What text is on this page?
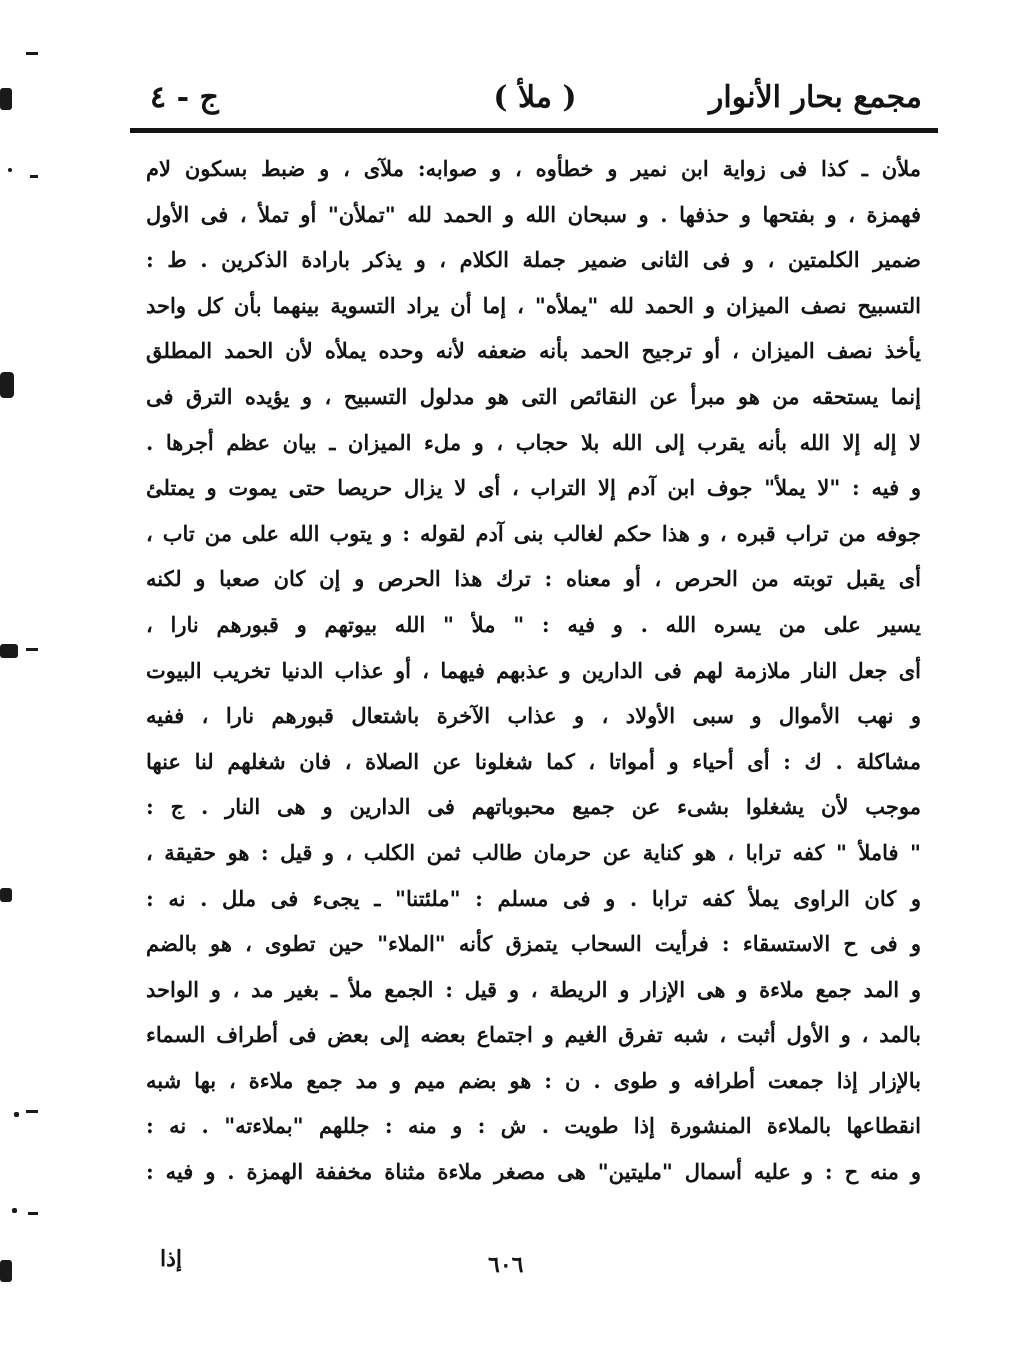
مجمع بحار الأنوار
( ملأ )
ج - ٤
ملأن ـ كذا فى زواية ابن نمير و خطأوه ، و صوابه: ملآى ، و ضبط بسكون لام
فهمزة ، و بفتحها و حذفها . و سبحان الله و الحمد لله "تملأن" أو تملأ ، فى الأول
ضمير الكلمتين ، و فى الثانى ضمير جملة الكلام ، و يذكر بارادة الذكرين . ط :
التسبيح نصف الميزان و الحمد لله "يملأه" ، إما أن يراد التسوية بينهما بأن كل واحد
يأخذ نصف الميزان ، أو ترجيح الحمد بأنه ضعفه لأنه وحده يملأه لأن الحمد المطلق
إنما يستحقه من هو مبرأ عن النقائص التى هو مدلول التسبيح ، و يؤيده الترق فى
لا إله إلا الله بأنه يقرب إلى الله بلا حجاب ، و ملء الميزان ـ بيان عظم أجرها .
و فيه : "لا يملأ" جوف ابن آدم إلا التراب ، أى لا يزال حريصا حتى يموت و يمتلئ
جوفه من تراب قبره ، و هذا حكم لغالب بنى آدم لقوله : و يتوب الله على من تاب ،
أى يقبل توبته من الحرص ، أو معناه : ترك هذا الحرص و إن كان صعبا و لكنه
يسير على من يسره الله . و فيه : " ملأ " الله بيوتهم و قبورهم نارا ،
أى جعل النار ملازمة لهم فى الدارين و عذبهم فيهما ، أو عذاب الدنيا تخريب البيوت
و نهب الأموال و سبى الأولاد ، و عذاب الآخرة باشتعال قبورهم نارا ، ففيه
مشاكلة . ك : أى أحياء و أمواتا ، كما شغلونا عن الصلاة ، فان شغلهم لنا عنها
موجب لأن يشغلوا بشىء عن جميع محبوباتهم فى الدارين و هى النار . ج :
" فاملأ " كفه ترابا ، هو كناية عن حرمان طالب ثمن الكلب ، و قيل : هو حقيقة ،
و كان الراوى يملأ كفه ترابا . و فى مسلم : "ملئتنا" ـ يجىء فى ملل . نه :
و فى ح الاستسقاء : فرأيت السحاب يتمزق كأنه "الملاء" حين تطوى ، هو بالضم
و المد جمع ملاءة و هى الإزار و الريطة ، و قيل : الجمع ملأ ـ بغير مد ، و الواحد
بالمد ، و الأول أثبت ، شبه تفرق الغيم و اجتماع بعضه إلى بعض فى أطراف السماء
بالإزار إذا جمعت أطرافه و طوى . ن : هو بضم ميم و مد جمع ملاءة ، بها شبه
انقطاعها بالملاءة المنشورة إذا طويت . ش : و منه : جللهم "بملاءته" . نه :
و منه ح : و عليه أسمال "مليتين" هى مصغر ملاءة مثناة مخففة الهمزة . و فيه :
إذا	٦٠٦
